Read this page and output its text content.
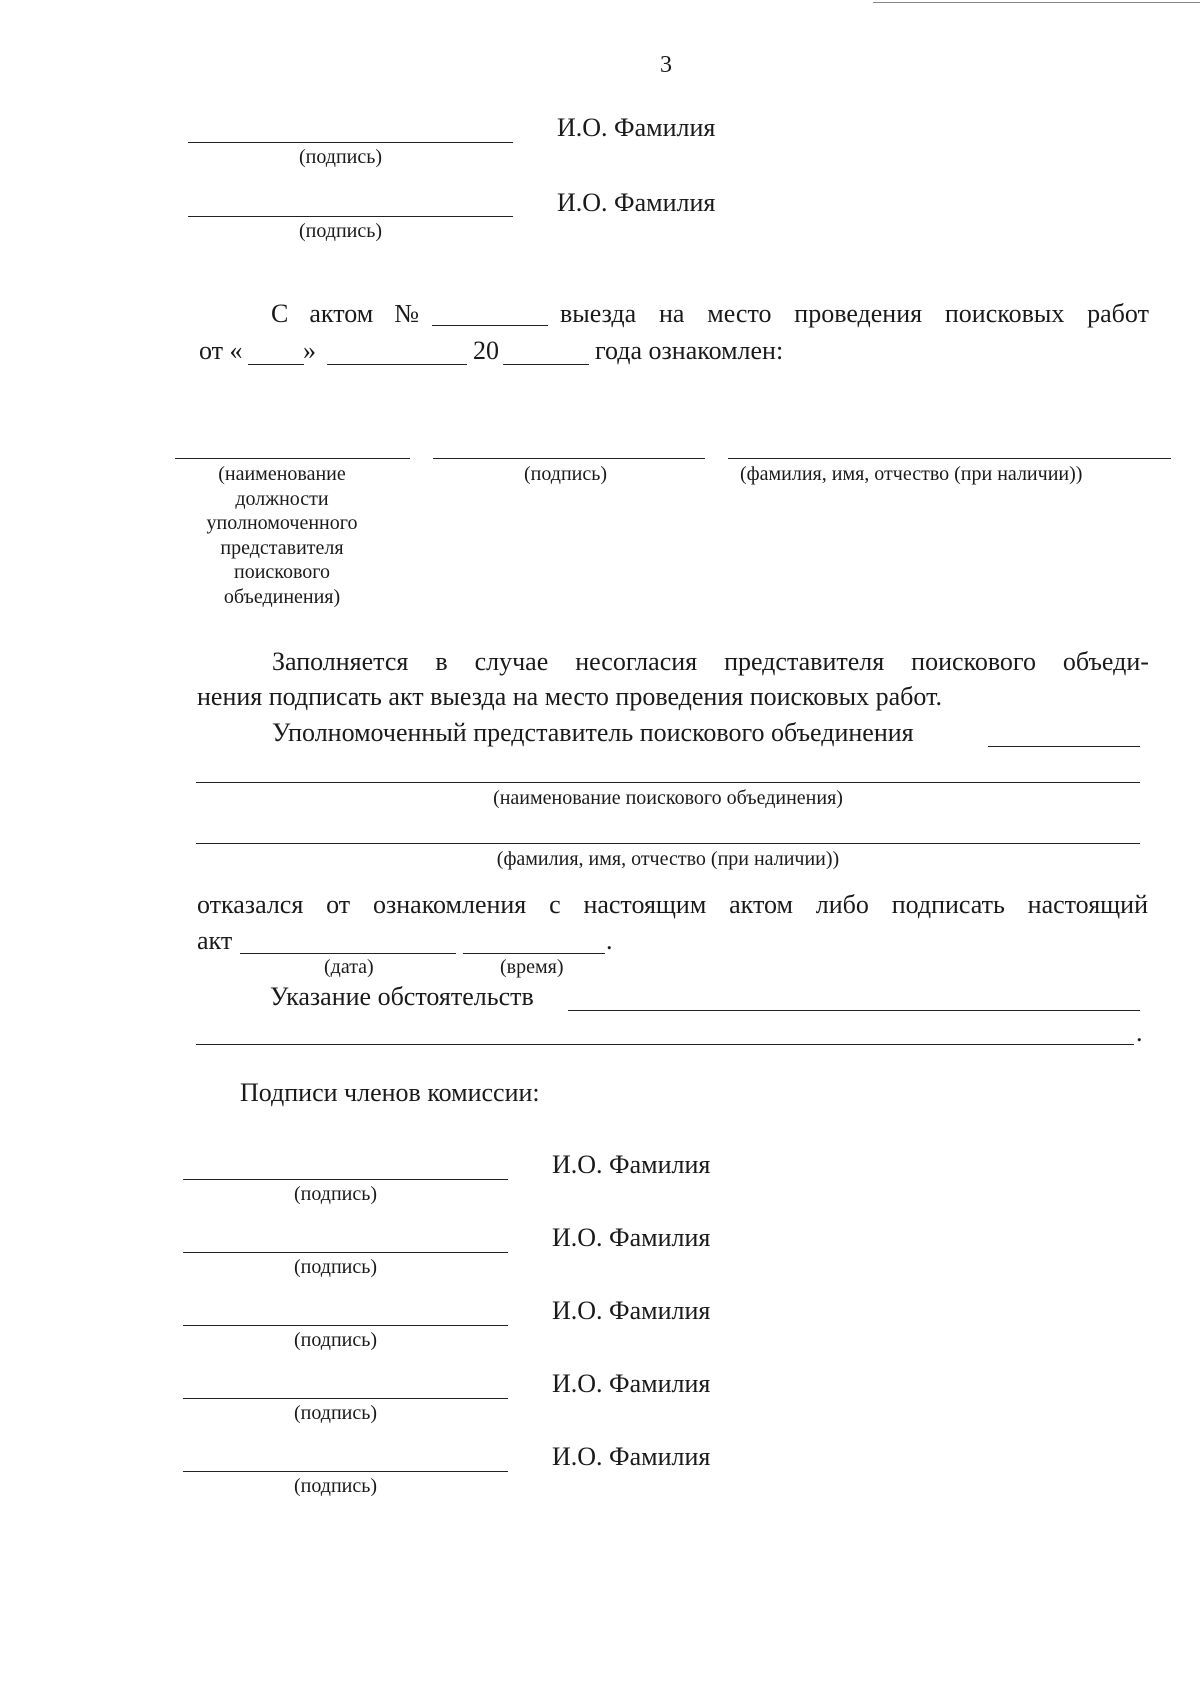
3
(подпись)
И.О. Фамилия
(подпись)
И.О. Фамилия
С актом №	выезда на место проведения поисковых работ
от « »	20	года ознакомлен:
(наименование должности уполномоченного представителя поискового объединения)
(подпись)	(фамилия, имя, отчество (при наличии))
Заполняется в случае несогласия представителя поискового объеди-
нения подписать акт выезда на место проведения поисковых работ.
Уполномоченный представитель поискового объединения
(наименование поискового объединения)
(фамилия, имя, отчество (при наличии))
отказался от ознакомления с настоящим актом либо подписать настоящий
акт	.
(дата)	(время)
Указание обстоятельств
.
Подписи членов комиссии:
(подпись)
И.О. Фамилия
(подпись)
И.О. Фамилия
(подпись)
И.О. Фамилия
(подпись)
И.О. Фамилия
(подпись)
И.О. Фамилия
